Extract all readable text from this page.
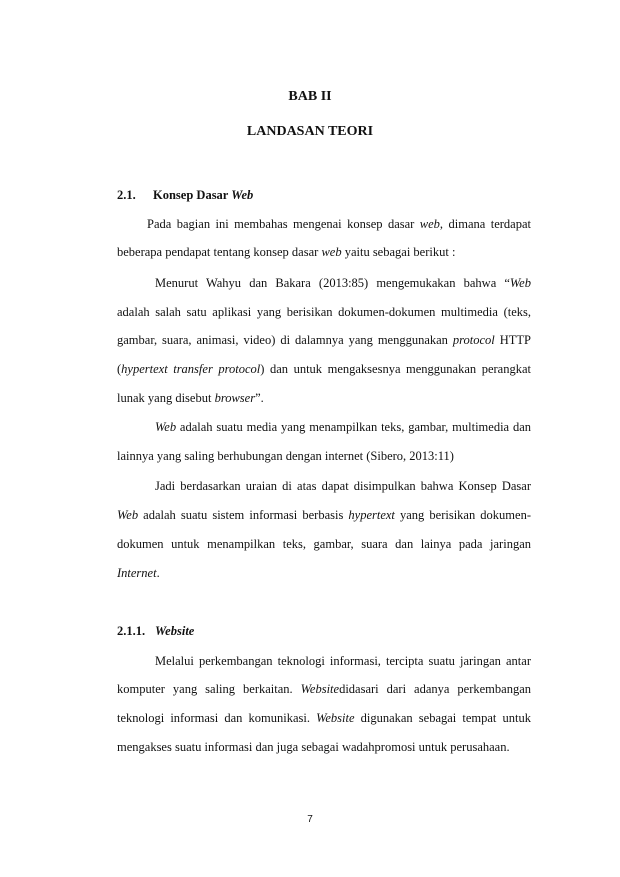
BAB II
LANDASAN TEORI
2.1. Konsep Dasar Web
Pada bagian ini membahas mengenai konsep dasar web, dimana terdapat
beberapa pendapat tentang konsep dasar web yaitu sebagai berikut :
Menurut Wahyu dan Bakara (2013:85) mengemukakan bahwa “Web
adalah salah satu aplikasi yang berisikan dokumen-dokumen multimedia (teks,
gambar, suara, animasi, video) di dalamnya yang menggunakan protocol HTTP
(hypertext transfer protocol) dan untuk mengaksesnya menggunakan perangkat
lunak yang disebut browser”.
Web adalah suatu media yang menampilkan teks, gambar, multimedia dan
lainnya yang saling berhubungan dengan internet (Sibero, 2013:11)
Jadi berdasarkan uraian di atas dapat disimpulkan bahwa Konsep Dasar
Web adalah suatu sistem informasi berbasis hypertext yang berisikan dokumen-
dokumen untuk menampilkan teks, gambar, suara dan lainya pada jaringan
Internet.
2.1.1. Website
Melalui perkembangan teknologi informasi, tercipta suatu jaringan antar
komputer yang saling berkaitan. Websitedidasari dari adanya perkembangan
teknologi informasi dan komunikasi. Website digunakan sebagai tempat untuk
mengakses suatu informasi dan juga sebagai wadahpromosi untuk perusahaan.
7
